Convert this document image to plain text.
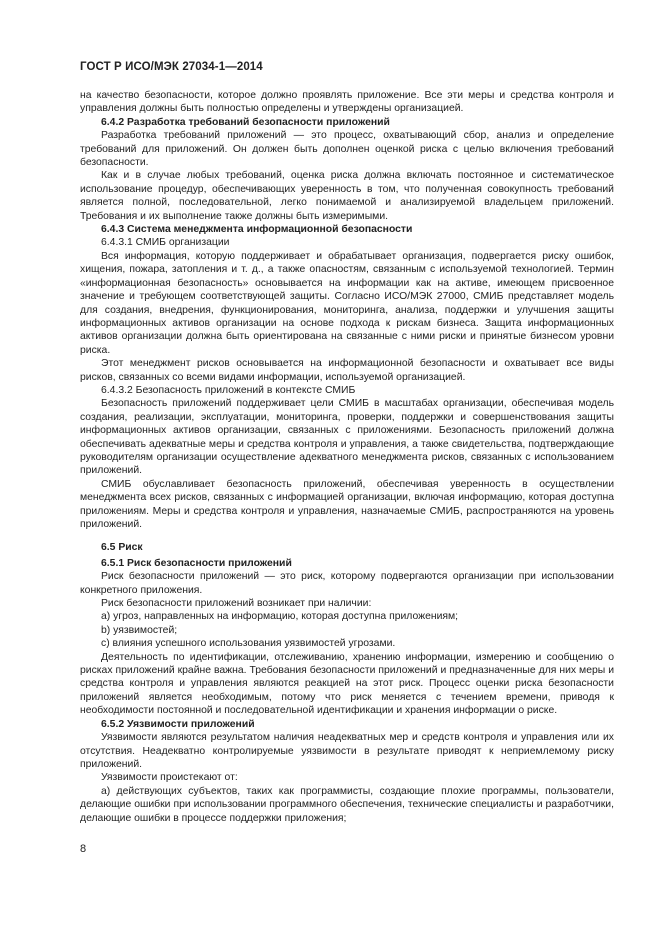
ГОСТ Р ИСО/МЭК 27034-1—2014

на качество безопасности, которое должно проявлять приложение. Все эти меры и средства контроля и управления должны быть полностью определены и утверждены организацией.

6.4.2 Разработка требований безопасности приложений

Разработка требований приложений — это процесс, охватывающий сбор, анализ и определение требований для приложений. Он должен быть дополнен оценкой риска с целью включения требований безопасности.

Как и в случае любых требований, оценка риска должна включать постоянное и систематическое использование процедур, обеспечивающих уверенность в том, что полученная совокупность требований является полной, последовательной, легко понимаемой и анализируемой владельцем приложений. Требования и их выполнение также должны быть измеримыми.

6.4.3 Система менеджмента информационной безопасности

6.4.3.1 СМИБ организации

Вся информация, которую поддерживает и обрабатывает организация, подвергается риску ошибок, хищения, пожара, затопления и т. д., а также опасностям, связанным с используемой технологией. Термин «информационная безопасность» основывается на информации как на активе, имеющем присвоенное значение и требующем соответствующей защиты. Согласно ИСО/МЭК 27000, СМИБ представляет модель для создания, внедрения, функционирования, мониторинга, анализа, поддержки и улучшения защиты информационных активов организации на основе подхода к рискам бизнеса. Защита информационных активов организации должна быть ориентирована на связанные с ними риски и принятые бизнесом уровни риска.

Этот менеджмент рисков основывается на информационной безопасности и охватывает все виды рисков, связанных со всеми видами информации, используемой организацией.

6.4.3.2 Безопасность приложений в контексте СМИБ

Безопасность приложений поддерживает цели СМИБ в масштабах организации, обеспечивая модель создания, реализации, эксплуатации, мониторинга, проверки, поддержки и совершенствования защиты информационных активов организации, связанных с приложениями. Безопасность приложений должна обеспечивать адекватные меры и средства контроля и управления, а также свидетельства, подтверждающие руководителям организации осуществление адекватного менеджмента рисков, связанных с использованием приложений.

СМИБ обуславливает безопасность приложений, обеспечивая уверенность в осуществлении менеджмента всех рисков, связанных с информацией организации, включая информацию, которая доступна приложениям. Меры и средства контроля и управления, назначаемые СМИБ, распространяются на уровень приложений.

6.5 Риск

6.5.1 Риск безопасности приложений

Риск безопасности приложений — это риск, которому подвергаются организации при использовании конкретного приложения.

Риск безопасности приложений возникает при наличии:

a) угроз, направленных на информацию, которая доступна приложениям;

b) уязвимостей;

c) влияния успешного использования уязвимостей угрозами.

Деятельность по идентификации, отслеживанию, хранению информации, измерению и сообщению о рисках приложений крайне важна. Требования безопасности приложений и предназначенные для них меры и средства контроля и управления являются реакцией на этот риск. Процесс оценки риска безопасности приложений является необходимым, потому что риск меняется с течением времени, приводя к необходимости постоянной и последовательной идентификации и хранения информации о риске.

6.5.2 Уязвимости приложений

Уязвимости являются результатом наличия неадекватных мер и средств контроля и управления или их отсутствия. Неадекватно контролируемые уязвимости в результате приводят к неприемлемому риску приложений.

Уязвимости проистекают от:

a) действующих субъектов, таких как программисты, создающие плохие программы, пользователи, делающие ошибки при использовании программного обеспечения, технические специалисты и разработчики, делающие ошибки в процессе поддержки приложения;

8
